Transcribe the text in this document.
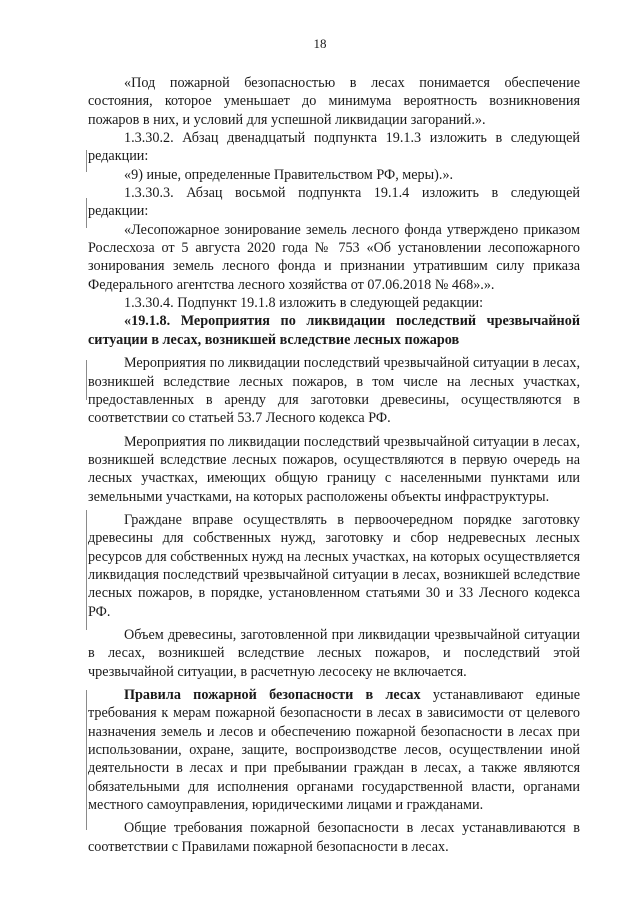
18

«Под пожарной безопасностью в лесах понимается обеспечение состояния, которое уменьшает до минимума вероятность возникновения пожаров в них, и условий для успешной ликвидации загораний.».

1.3.30.2. Абзац двенадцатый подпункта 19.1.3 изложить в следующей редакции:

«9) иные, определенные Правительством РФ, меры).».

1.3.30.3. Абзац восьмой подпункта 19.1.4 изложить в следующей редакции:

«Лесопожарное зонирование земель лесного фонда утверждено приказом Рослесхоза от 5 августа 2020 года № 753 «Об установлении лесопожарного зонирования земель лесного фонда и признании утратившим силу приказа Федерального агентства лесного хозяйства от 07.06.2018 № 468».».

1.3.30.4. Подпункт 19.1.8 изложить в следующей редакции:

«19.1.8. Мероприятия по ликвидации последствий чрезвычайной ситуации в лесах, возникшей вследствие лесных пожаров

Мероприятия по ликвидации последствий чрезвычайной ситуации в лесах, возникшей вследствие лесных пожаров, в том числе на лесных участках, предоставленных в аренду для заготовки древесины, осуществляются в соответствии со статьей 53.7 Лесного кодекса РФ.

Мероприятия по ликвидации последствий чрезвычайной ситуации в лесах, возникшей вследствие лесных пожаров, осуществляются в первую очередь на лесных участках, имеющих общую границу с населенными пунктами или земельными участками, на которых расположены объекты инфраструктуры.

Граждане вправе осуществлять в первоочередном порядке заготовку древесины для собственных нужд, заготовку и сбор недревесных лесных ресурсов для собственных нужд на лесных участках, на которых осуществляется ликвидация последствий чрезвычайной ситуации в лесах, возникшей вследствие лесных пожаров, в порядке, установленном статьями 30 и 33 Лесного кодекса РФ.

Объем древесины, заготовленной при ликвидации чрезвычайной ситуации в лесах, возникшей вследствие лесных пожаров, и последствий этой чрезвычайной ситуации, в расчетную лесосеку не включается.

Правила пожарной безопасности в лесах устанавливают единые требования к мерам пожарной безопасности в лесах в зависимости от целевого назначения земель и лесов и обеспечению пожарной безопасности в лесах при использовании, охране, защите, воспроизводстве лесов, осуществлении иной деятельности в лесах и при пребывании граждан в лесах, а также являются обязательными для исполнения органами государственной власти, органами местного самоуправления, юридическими лицами и гражданами.

Общие требования пожарной безопасности в лесах устанавливаются в соответствии с Правилами пожарной безопасности в лесах.
